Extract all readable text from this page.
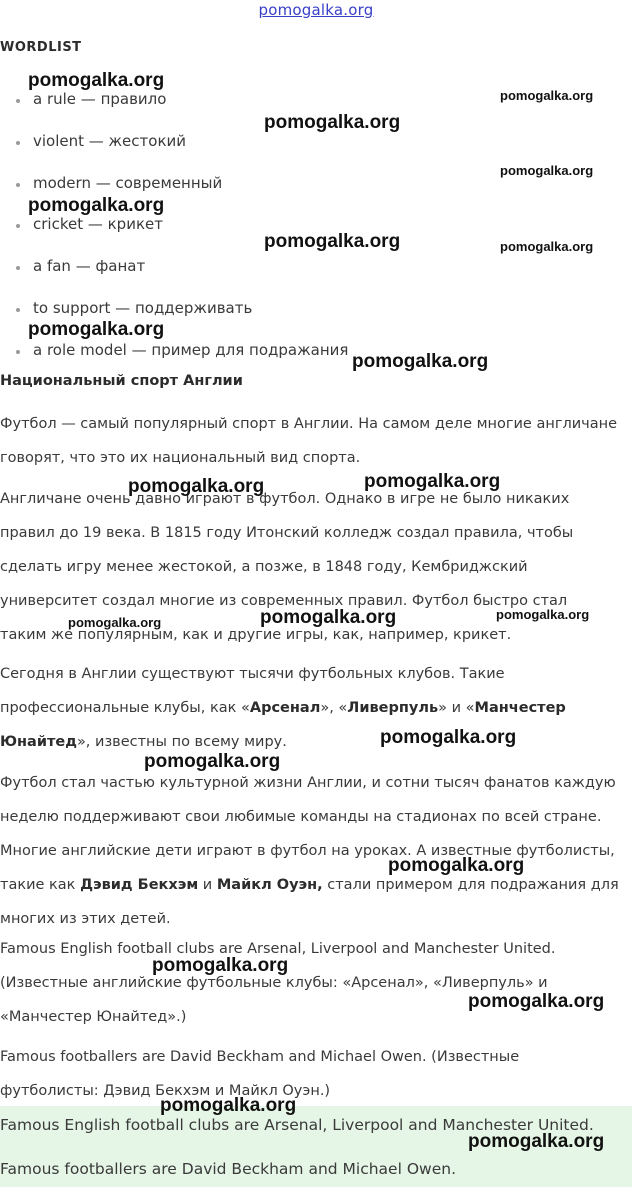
pomogalka.org
WORDLIST
a rule — правило
violent — жестокий
modern — современный
cricket — крикет
a fan — фанат
to support — поддерживать
a role model — пример для подражания
Национальный спорт Англии
Футбол — самый популярный спорт в Англии. На самом деле многие англичане
говорят, что это их национальный вид спорта.
Англичане очень давно играют в футбол. Однако в игре не было никаких
правил до 19 века. В 1815 году Итонский колледж создал правила, чтобы
сделать игру менее жестокой, а позже, в 1848 году, Кембриджский
университет создал многие из современных правил. Футбол быстро стал
таким же популярным, как и другие игры, как, например, крикет.
Сегодня в Англии существуют тысячи футбольных клубов. Такие
профессиональные клубы, как «Арсенал», «Ливерпуль» и «Манчестер
Юнайтед», известны по всему миру.
Футбол стал частью культурной жизни Англии, и сотни тысяч фанатов каждую
неделю поддерживают свои любимые команды на стадионах по всей стране.
Многие английские дети играют в футбол на уроках. А известные футболисты,
такие как Дэвид Бекхэм и Майкл Оуэн, стали примером для подражания для
многих из этих детей.
Famous English football clubs are Arsenal, Liverpool and Manchester United.
(Известные английские футбольные клубы: «Арсенал», «Ливерпуль» и
«Манчестер Юнайтед».)
Famous footballers are David Beckham and Michael Owen. (Известные
футболисты: Дэвид Бекхэм и Майкл Оуэн.)

Famous English football clubs are Arsenal, Liverpool and Manchester United.

Famous footballers are David Beckham and Michael Owen.

pomogalka.org
pomogalka.org
pomogalka.org
pomogalka.org
pomogalka.org
pomogalka.org	pomogalka.org
pomogalka.org
pomogalka.org
pomogalka.org
pomogalka.org
pomogalka.org	pomogalka.org
pomogalka.org
pomogalka.org
pomogalka.org
pomogalka.org
pomogalka.org
pomogalka.org
pomogalka.org
pomogalka.org
